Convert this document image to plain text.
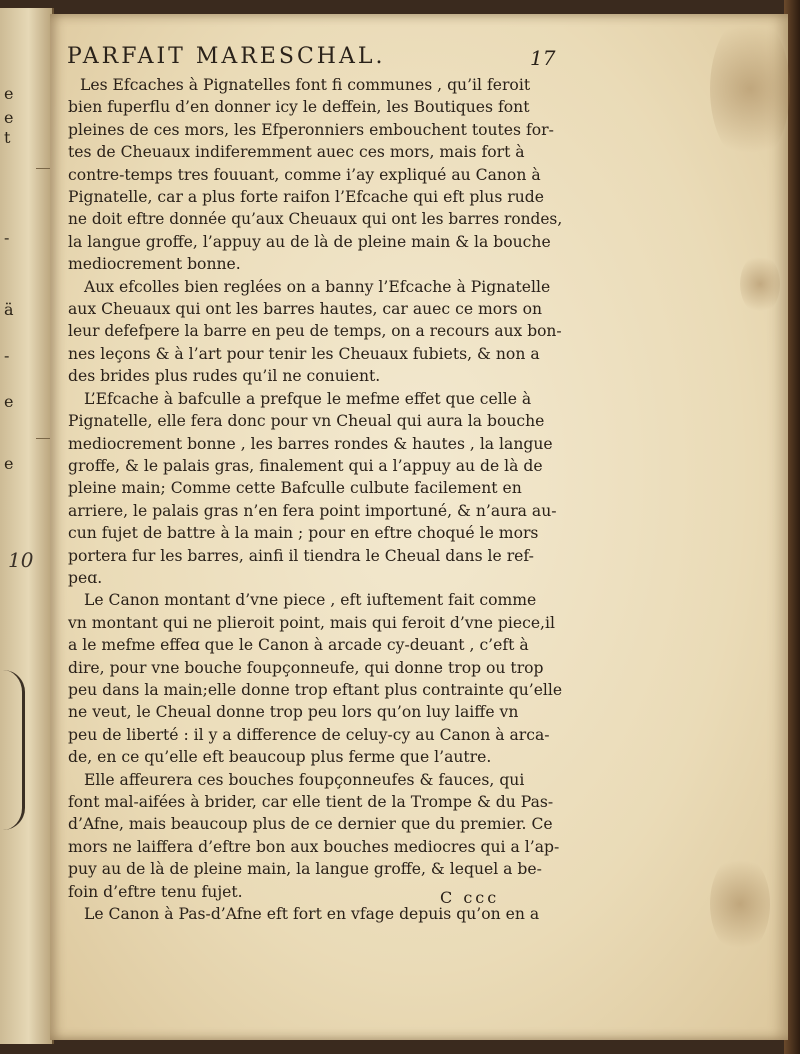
e
e
t
-
ä
-
e
e
10
PARFAIT MARESCHAL.	17
Les Efcaches à Pignatelles font fi communes , qu’il feroit
bien fuperflu d’en donner icy le deffein, les Boutiques font
pleines de ces mors, les Efperonniers embouchent toutes for-
tes de Cheuaux indiferemment auec ces mors, mais fort à
contre-temps tres fouuant, comme i’ay expliqué au Canon à
Pignatelle, car a plus forte raifon l’Efcache qui eft plus rude
ne doit eftre donnée qu’aux Cheuaux qui ont les barres rondes,
la langue groffe, l’appuy au de là de pleine main & la bouche
mediocrement bonne.
Aux efcolles bien reglées on a banny l’Efcache à Pignatelle
aux Cheuaux qui ont les barres hautes, car auec ce mors on
leur defefpere la barre en peu de temps, on a recours aux bon-
nes leçons & à l’art pour tenir les Cheuaux fubiets, & non a
des brides plus rudes qu’il ne conuient.
L’Efcache à bafculle a prefque le mefme effet que celle à
Pignatelle, elle fera donc pour vn Cheual qui aura la bouche
mediocrement bonne , les barres rondes & hautes , la langue
groffe, & le palais gras, finalement qui a l’appuy au de là de
pleine main; Comme cette Bafculle culbute facilement en
arriere, le palais gras n’en fera point importuné, & n’aura au-
cun fujet de battre à la main ; pour en eftre choqué le mors
portera fur les barres, ainfi il tiendra le Cheual dans le ref-
peɑ.
Le Canon montant d’vne piece , eft iuftement fait comme
vn montant qui ne plieroit point, mais qui feroit d’vne piece,il
a le mefme effeɑ que le Canon à arcade cy-deuant , c’eft à
dire, pour vne bouche foupçonneufe, qui donne trop ou trop
peu dans la main;elle donne trop eftant plus contrainte qu’elle
ne veut, le Cheual donne trop peu lors qu’on luy laiffe vn
peu de liberté : il y a difference de celuy-cy au Canon à arca-
de, en ce qu’elle eft beaucoup plus ferme que l’autre.
Elle affeurera ces bouches foupçonneufes & fauces, qui
font mal-aifées à brider, car elle tient de la Trompe & du Pas-
d’Afne, mais beaucoup plus de ce dernier que du premier. Ce
mors ne laiffera d’eftre bon aux bouches mediocres qui a l’ap-
puy au de là de pleine main, la langue groffe, & lequel a be-
foin d’eftre tenu fujet.
Le Canon à Pas-d’Afne eft fort en vfage depuis qu’on en a
C ccc
